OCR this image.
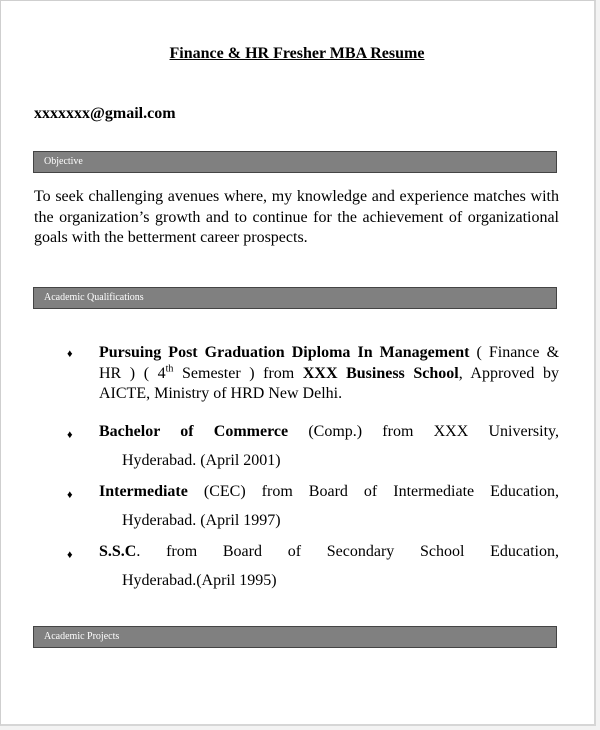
Finance & HR Fresher MBA Resume
xxxxxxx@gmail.com
Objective
To seek challenging avenues where, my knowledge and experience matches with the organization’s growth and to continue for the achievement of organizational goals with the betterment career prospects.
Academic Qualifications
♦ Pursuing Post Graduation Diploma In Management ( Finance & HR ) ( 4th Semester ) from XXX Business School, Approved by AICTE, Ministry of HRD New Delhi.
♦ Bachelor of Commerce (Comp.) from XXX University,
Hyderabad. (April 2001)
♦ Intermediate (CEC) from Board of Intermediate Education,
Hyderabad. (April 1997)
♦ S.S.C. from Board of Secondary School Education,
Hyderabad.(April 1995)
Academic Projects
